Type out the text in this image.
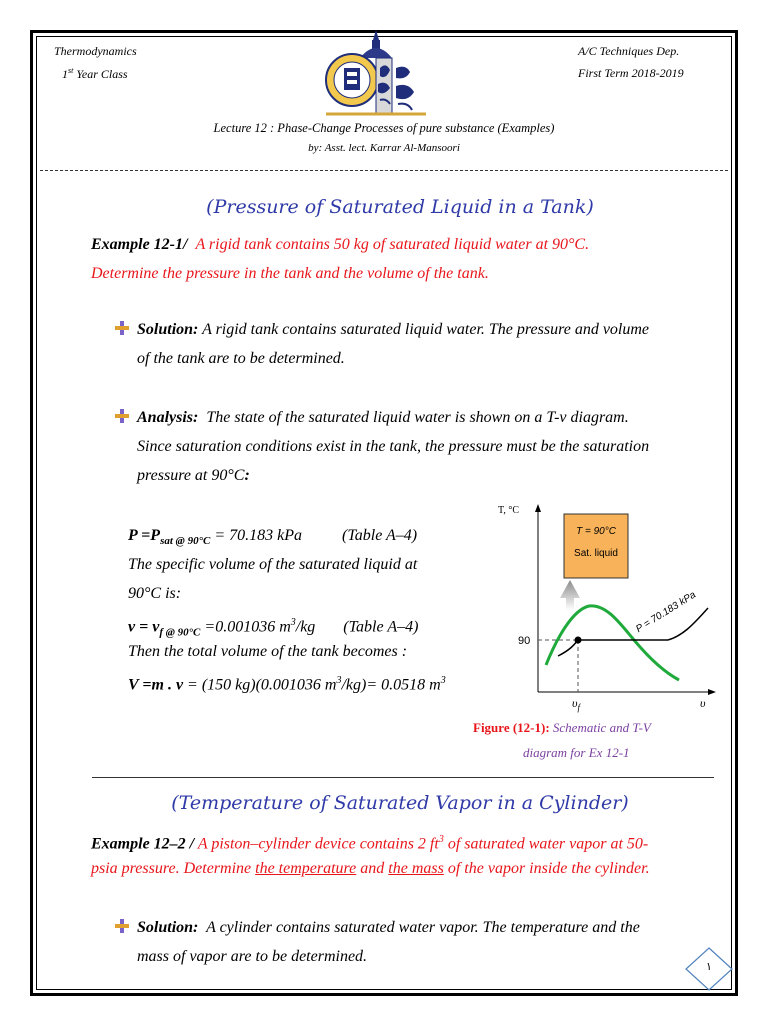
Thermodynamics
1st Year Class
A/C Techniques Dep.
First Term 2018-2019
Lecture 12 : Phase-Change Processes of pure substance (Examples)
by: Asst. lect. Karrar Al-Mansoori
(Pressure of Saturated Liquid in a Tank)
Example 12-1/ A rigid tank contains 50 kg of saturated liquid water at 90°C.
Determine the pressure in the tank and the volume of the tank.
Solution: A rigid tank contains saturated liquid water. The pressure and volume
of the tank are to be determined.
Analysis: The state of the saturated liquid water is shown on a T-v diagram.
Since saturation conditions exist in the tank, the pressure must be the saturation
pressure at 90°C:
$P =P_{sat @ 90^\circ C} = 70.183$ kPa	(Table A–4)
The specific volume of the saturated liquid at
90°C is:
$v = v_f$ $_{@ 90^\circ C}$ =0.001036 $m^3/kg$ (Table A–4)
Then the total volume of the tank becomes :
V =m . v = (150 kg)(0.001036 $m^3/kg)= 0.0518$ $m^3$
T, °C
90
υ
$\upsilon_f$
T = 90°C
Sat. liquid
P = 70.183 kPa
Figure (12-1): Schematic and T-V
diagram for Ex 12-1
(Temperature of Saturated Vapor in a Cylinder)
Example 12–2 / A piston–cylinder device contains 2 $ft^3$ of saturated water vapor at 50-
psia pressure. Determine the temperature and the mass of the vapor inside the cylinder.
Solution: A cylinder contains saturated water vapor. The temperature and the
mass of vapor are to be determined.
١
